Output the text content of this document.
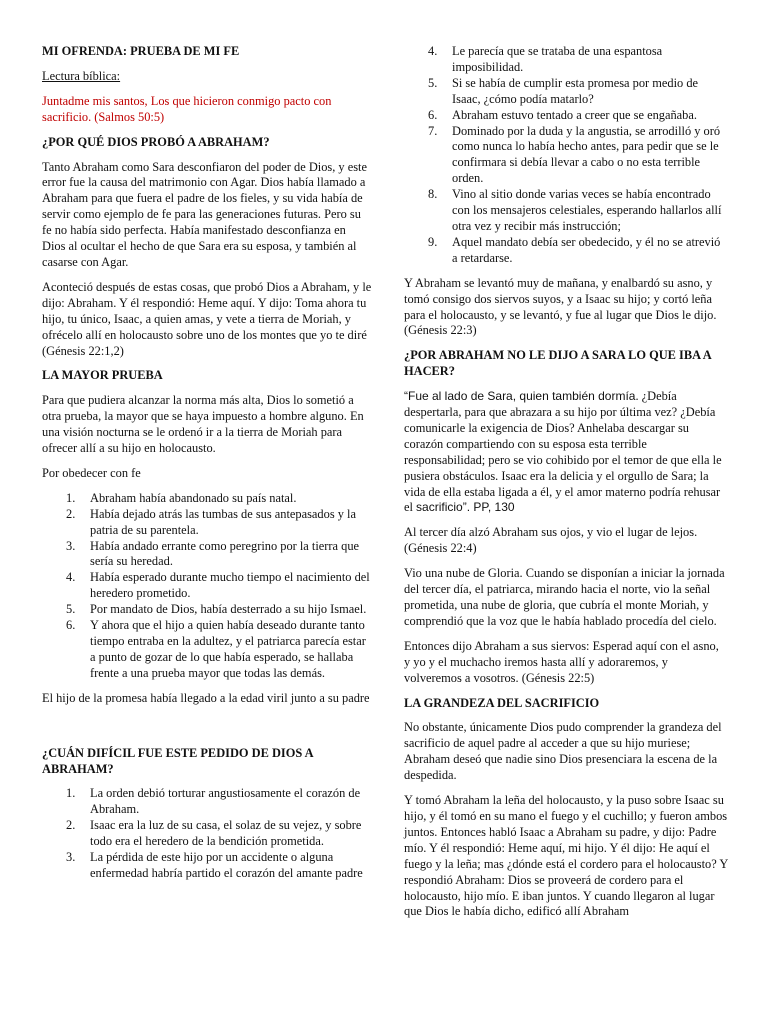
MI OFRENDA: PRUEBA DE MI FE

Lectura bíblica:

Juntadme mis santos, Los que hicieron conmigo pacto con sacrificio. (Salmos 50:5)

¿POR QUÉ DIOS PROBÓ A ABRAHAM?

Tanto Abraham como Sara desconfiaron del poder de Dios, y este error fue la causa del matrimonio con Agar. Dios había llamado a Abraham para que fuera el padre de los fieles, y su vida había de servir como ejemplo de fe para las generaciones futuras. Pero su fe no había sido perfecta. Había manifestado desconfianza en Dios al ocultar el hecho de que Sara era su esposa, y también al casarse con Agar.

Aconteció después de estas cosas, que probó Dios a Abraham, y le dijo: Abraham. Y él respondió: Heme aquí. Y dijo: Toma ahora tu hijo, tu único, Isaac, a quien amas, y vete a tierra de Moriah, y ofrécelo allí en holocausto sobre uno de los montes que yo te diré (Génesis 22:1,2)

LA MAYOR PRUEBA

Para que pudiera alcanzar la norma más alta, Dios lo sometió a otra prueba, la mayor que se haya impuesto a hombre alguno. En una visión nocturna se le ordenó ir a la tierra de Moriah para ofrecer allí a su hijo en holocausto.

Por obedecer con fe

1. Abraham había abandonado su país natal.
2. Había dejado atrás las tumbas de sus antepasados y la patria de su parentela.
3. Había andado errante como peregrino por la tierra que sería su heredad.
4. Había esperado durante mucho tiempo el nacimiento del heredero prometido.
5. Por mandato de Dios, había desterrado a su hijo Ismael.
6. Y ahora que el hijo a quien había deseado durante tanto tiempo entraba en la adultez, y el patriarca parecía estar a punto de gozar de lo que había esperado, se hallaba frente a una prueba mayor que todas las demás.

El hijo de la promesa había llegado a la edad viril junto a su padre

¿CUÁN DIFÍCIL FUE ESTE PEDIDO DE DIOS A ABRAHAM?
1. La orden debió torturar angustiosamente el corazón de Abraham.
2. Isaac era la luz de su casa, el solaz de su vejez, y sobre todo era el heredero de la bendición prometida.
3. La pérdida de este hijo por un accidente o alguna enfermedad habría partido el corazón del amante padre
4. Le parecía que se trataba de una espantosa imposibilidad.
5. Si se había de cumplir esta promesa por medio de Isaac, ¿cómo podía matarlo?
6. Abraham estuvo tentado a creer que se engañaba.
7. Dominado por la duda y la angustia, se arrodilló y oró como nunca lo había hecho antes, para pedir que se le confirmara si debía llevar a cabo o no esta terrible orden.
8. Vino al sitio donde varias veces se había encontrado con los mensajeros celestiales, esperando hallarlos allí otra vez y recibir más instrucción;
9. Aquel mandato debía ser obedecido, y él no se atrevió a retardarse.

Y Abraham se levantó muy de mañana, y enalbardó su asno, y tomó consigo dos siervos suyos, y a Isaac su hijo; y cortó leña para el holocausto, y se levantó, y fue al lugar que Dios le dijo. (Génesis 22:3)

¿POR ABRAHAM NO LE DIJO A SARA LO QUE IBA A HACER?

“Fue al lado de Sara, quien también dormía. ¿Debía despertarla, para que abrazara a su hijo por última vez? ¿Debía comunicarle la exigencia de Dios? Anhelaba descargar su corazón compartiendo con su esposa esta terrible responsabilidad; pero se vio cohibido por el temor de que ella le pusiera obstáculos. Isaac era la delicia y el orgullo de Sara; la vida de ella estaba ligada a él, y el amor materno podría rehusar el sacrificio”. PP, 130

Al tercer día alzó Abraham sus ojos, y vio el lugar de lejos. (Génesis 22:4)

Vio una nube de Gloria. Cuando se disponían a iniciar la jornada del tercer día, el patriarca, mirando hacia el norte, vio la señal prometida, una nube de gloria, que cubría el monte Moriah, y comprendió que la voz que le había hablado procedía del cielo.

Entonces dijo Abraham a sus siervos: Esperad aquí con el asno, y yo y el muchacho iremos hasta allí y adoraremos, y volveremos a vosotros. (Génesis 22:5)

LA GRANDEZA DEL SACRIFICIO

No obstante, únicamente Dios pudo comprender la grandeza del sacrificio de aquel padre al acceder a que su hijo muriese; Abraham deseó que nadie sino Dios presenciara la escena de la despedida.

Y tomó Abraham la leña del holocausto, y la puso sobre Isaac su hijo, y él tomó en su mano el fuego y el cuchillo; y fueron ambos juntos. Entonces habló Isaac a Abraham su padre, y dijo: Padre mío. Y él respondió: Heme aquí, mi hijo. Y él dijo: He aquí el fuego y la leña; mas ¿dónde está el cordero para el holocausto? Y respondió Abraham: Dios se proveerá de cordero para el holocausto, hijo mío. E iban juntos. Y cuando llegaron al lugar que Dios le había dicho, edificó allí Abraham
